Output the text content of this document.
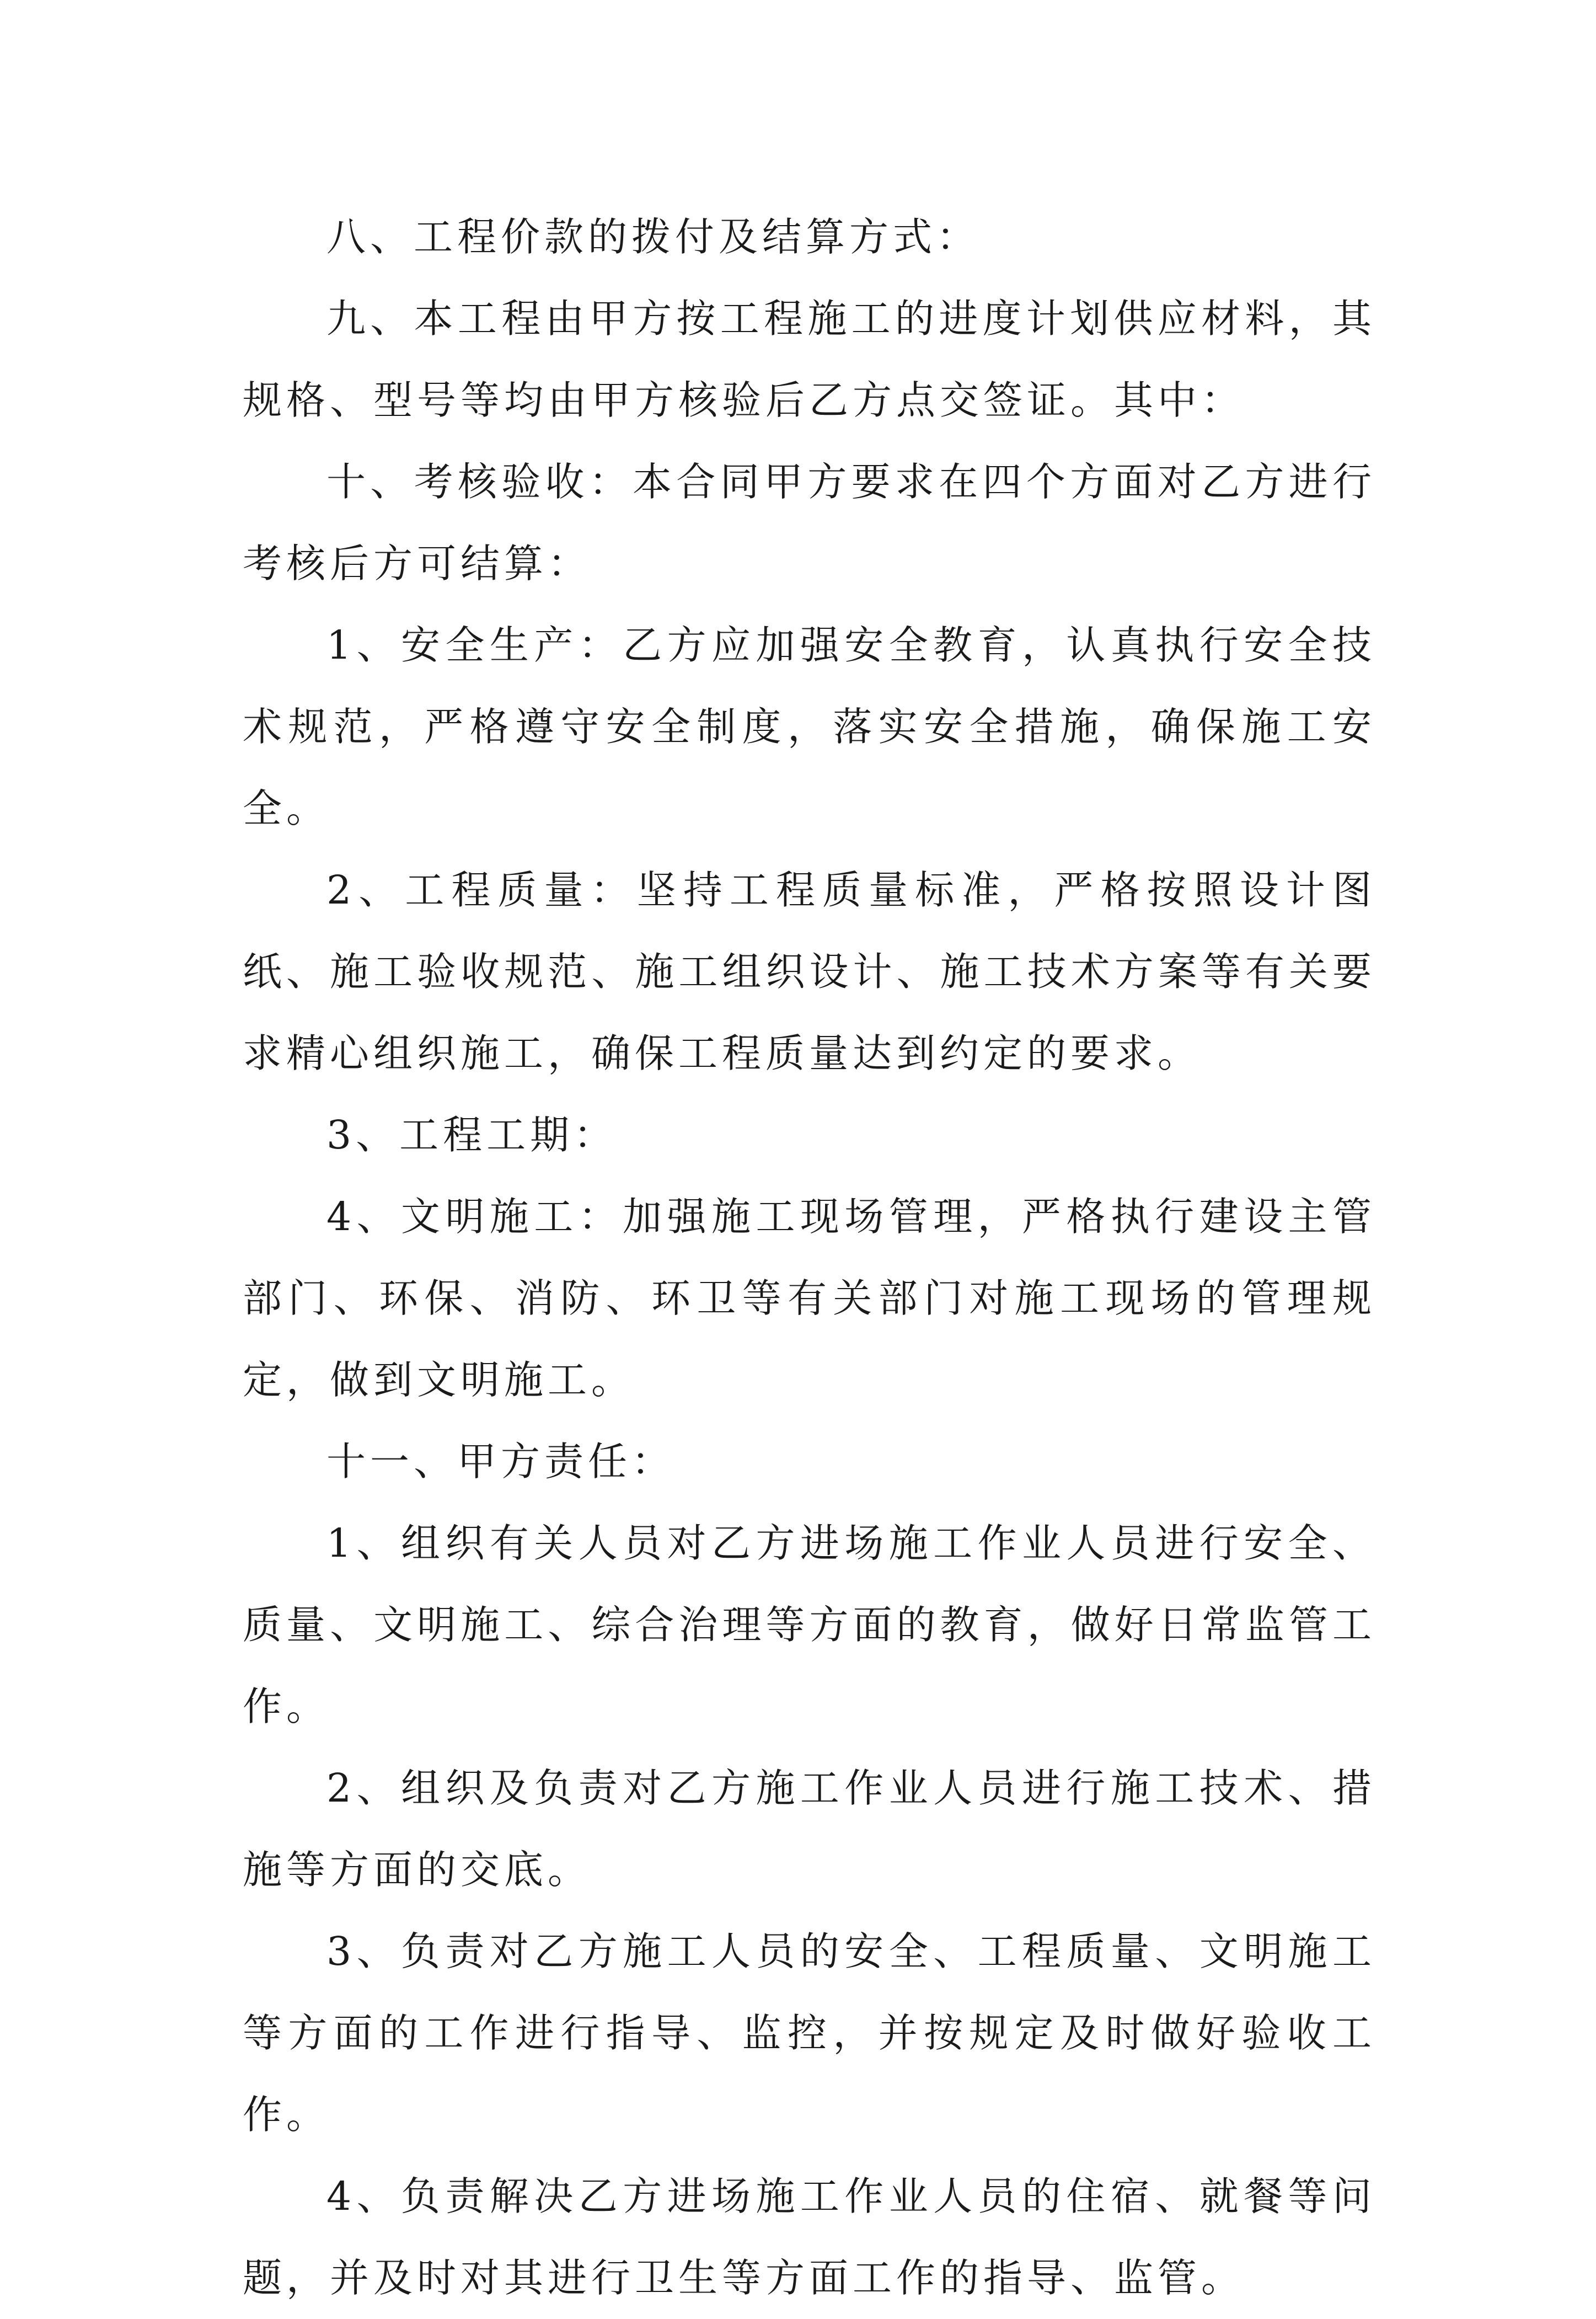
八、工程价款的拨付及结算方式：

九、本工程由甲方按工程施工的进度计划供应材料，其规格、型号等均由甲方核验后乙方点交签证。其中：

十、考核验收：本合同甲方要求在四个方面对乙方进行考核后方可结算：

1、安全生产：乙方应加强安全教育，认真执行安全技术规范，严格遵守安全制度，落实安全措施，确保施工安全。

2、工程质量：坚持工程质量标准，严格按照设计图纸、施工验收规范、施工组织设计、施工技术方案等有关要求精心组织施工，确保工程质量达到约定的要求。

3、工程工期：

4、文明施工：加强施工现场管理，严格执行建设主管部门、环保、消防、环卫等有关部门对施工现场的管理规定，做到文明施工。

十一、甲方责任：

1、组织有关人员对乙方进场施工作业人员进行安全、质量、文明施工、综合治理等方面的教育，做好日常监管工作。

2、组织及负责对乙方施工作业人员进行施工技术、措施等方面的交底。

3、负责对乙方施工人员的安全、工程质量、文明施工等方面的工作进行指导、监控，并按规定及时做好验收工作。

4、负责解决乙方进场施工作业人员的住宿、就餐等问题，并及时对其进行卫生等方面工作的指导、监管。
